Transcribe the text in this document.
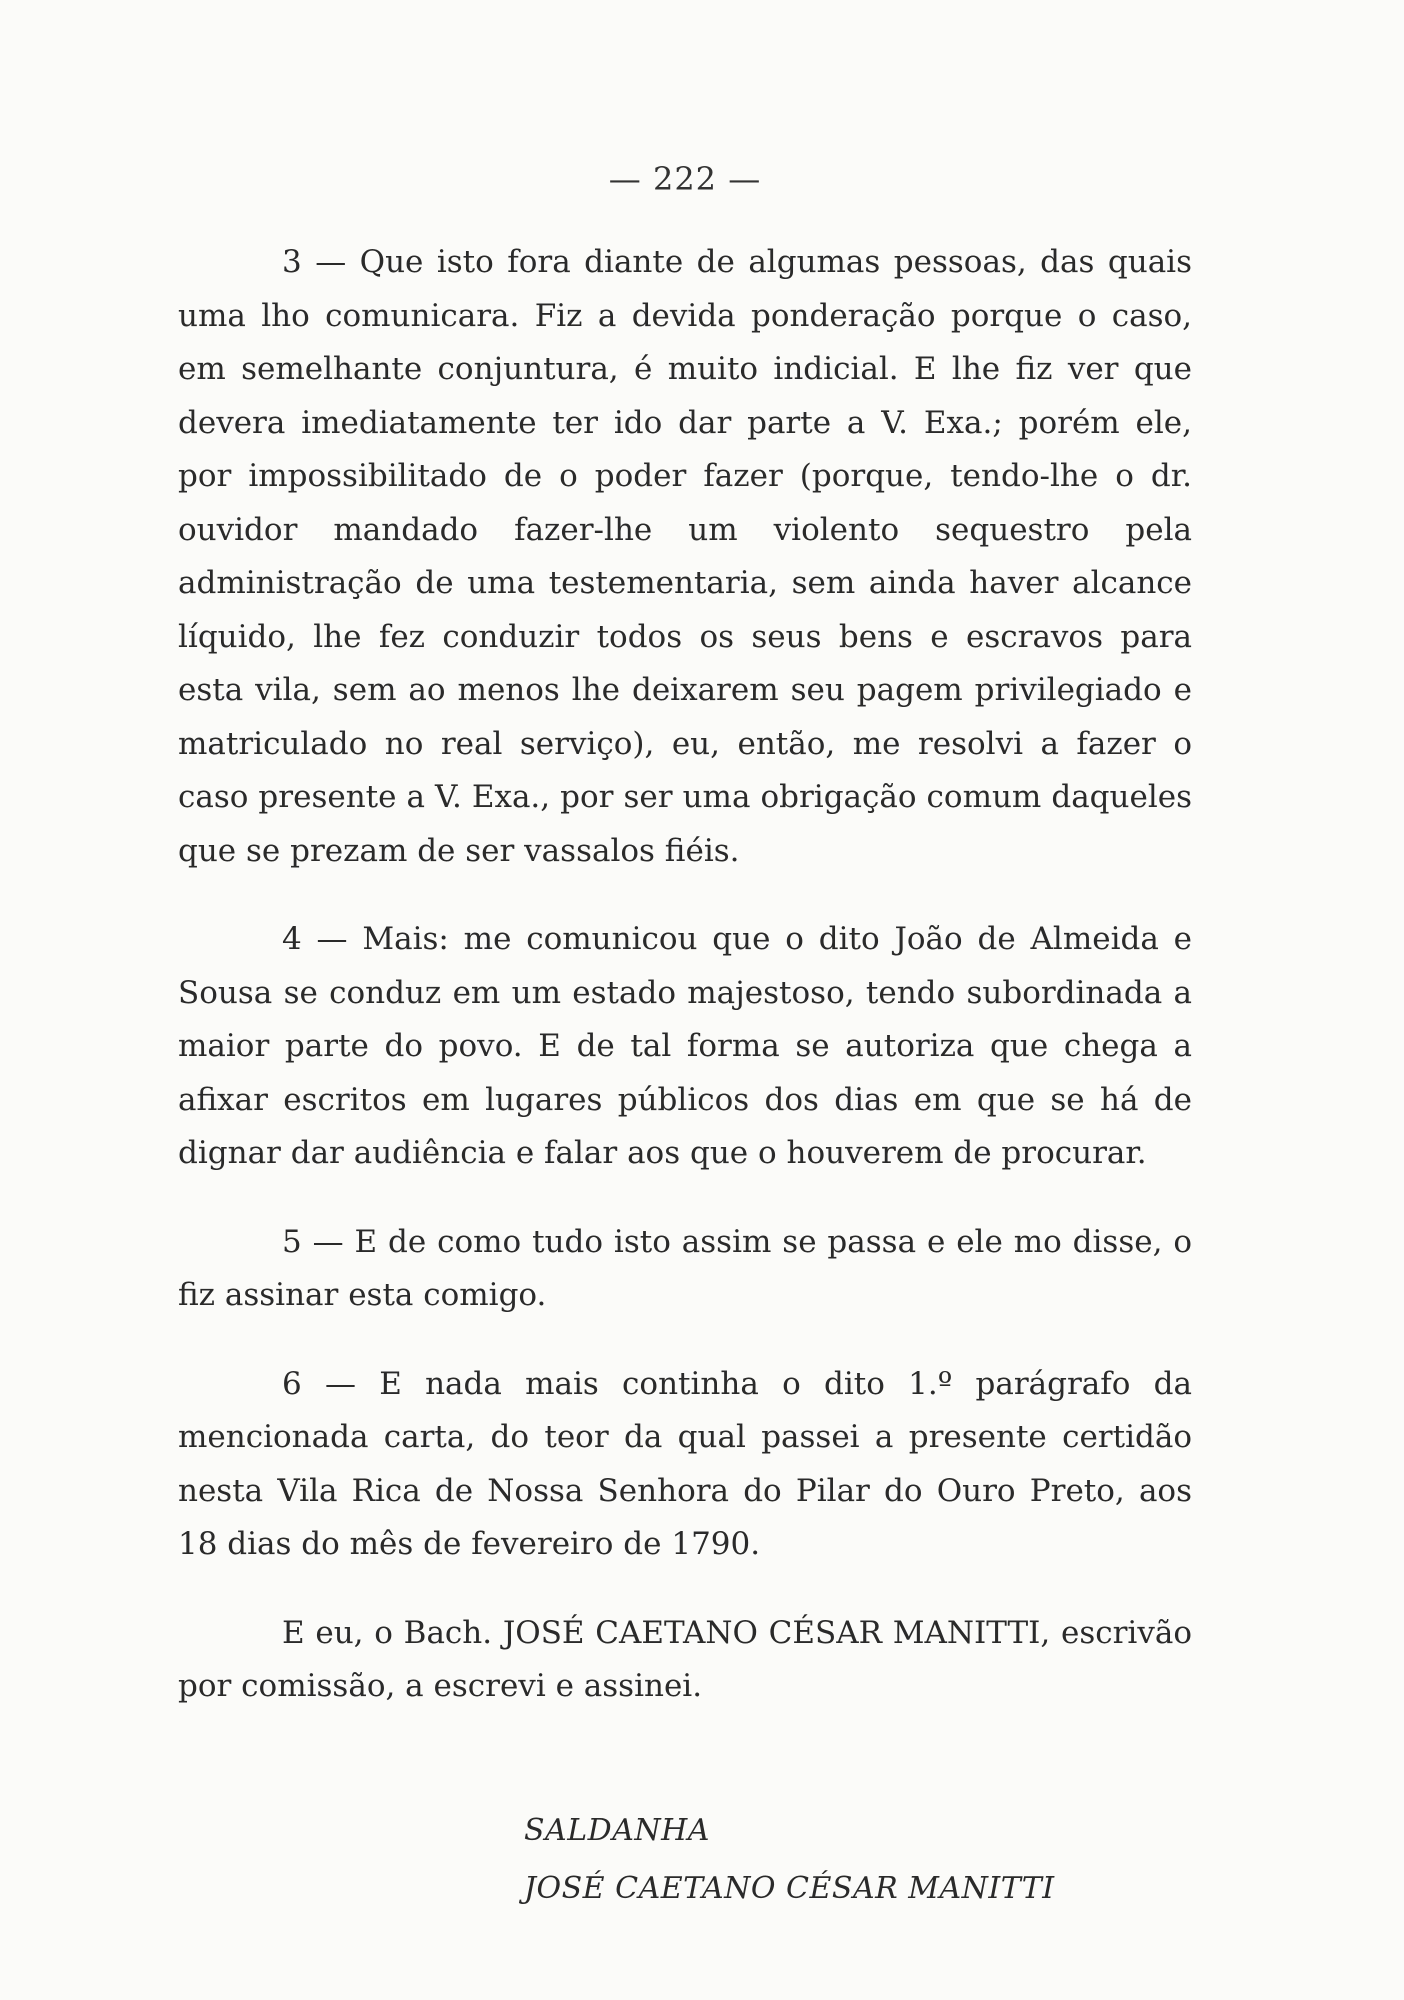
— 222 —

3 — Que isto fora diante de algumas pessoas, das quais uma lho comunicara. Fiz a devida ponderação porque o caso, em semelhante conjuntura, é muito indicial. E lhe fiz ver que devera imediatamente ter ido dar parte a V. Exa.; porém ele, por impossibilitado de o poder fazer (porque, tendo-lhe o dr. ouvidor mandado fazer-lhe um violento sequestro pela administração de uma testementaria, sem ainda haver alcance líquido, lhe fez conduzir todos os seus bens e escravos para esta vila, sem ao menos lhe deixarem seu pagem privilegiado e matriculado no real serviço), eu, então, me resolvi a fazer o caso presente a V. Exa., por ser uma obrigação comum daqueles que se prezam de ser vassalos fiéis.

4 — Mais: me comunicou que o dito João de Almeida e Sousa se conduz em um estado majestoso, tendo subordinada a maior parte do povo. E de tal forma se autoriza que chega a afixar escritos em lugares públicos dos dias em que se há de dignar dar audiência e falar aos que o houverem de procurar.

5 — E de como tudo isto assim se passa e ele mo disse, o fiz assinar esta comigo.

6 — E nada mais continha o dito 1.º parágrafo da mencionada carta, do teor da qual passei a presente certidão nesta Vila Rica de Nossa Senhora do Pilar do Ouro Preto, aos 18 dias do mês de fevereiro de 1790.

E eu, o Bach. JOSÉ CAETANO CÉSAR MANITTI, escrivão por comissão, a escrevi e assinei.

SALDANHA
JOSÉ CAETANO CÉSAR MANITTI
